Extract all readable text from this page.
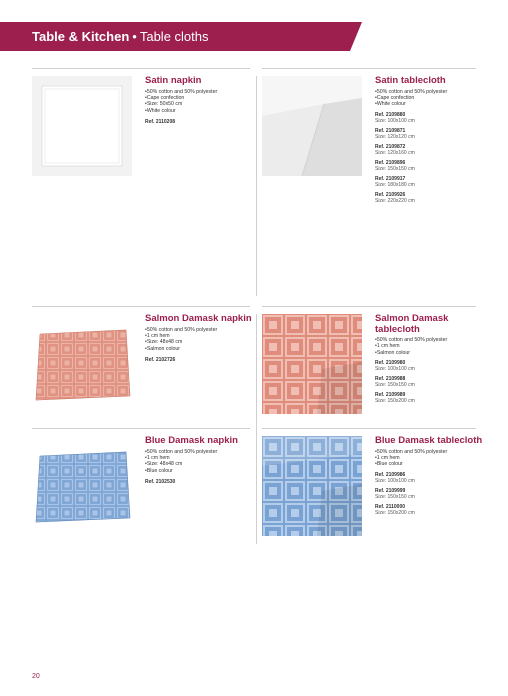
Table & Kitchen • Table cloths
Satin napkin
• 50% cotton and 50% polyester
• Cape confection
• Size: 50x50 cm
• White colour
Ref. 2110208
Satin tablecloth
• 50% cotton and 50% polyester
• Cape confection
• White colour
Ref. 2109880
Size: 100x100 cm
Ref. 2109871
Size: 120x120 cm
Ref. 2109872
Size: 120x160 cm
Ref. 2109896
Size: 150x150 cm
Ref. 2109917
Size: 180x180 cm
Ref. 2109926
Size: 220x220 cm
Salmon Damask napkin
• 50% cotton and 50% polyester
• 1 cm hem
• Size: 48x48 cm
• Salmon colour
Ref. 2102726
Salmon Damask tablecloth
• 50% cotton and 50% polyester
• 1 cm hem
• Salmon colour
Ref. 2109980
Size: 100x100 cm
Ref. 2109988
Size: 150x150 cm
Ref. 2109989
Size: 150x200 cm
Blue Damask napkin
• 50% cotton and 50% polyester
• 1 cm hem
• Size: 48x48 cm
• Blue colour
Ref. 2102530
Blue Damask tablecloth
• 50% cotton and 50% polyester
• 1 cm hem
• Blue colour
Ref. 2109986
Size: 100x100 cm
Ref. 2109999
Size: 150x150 cm
Ref. 2110000
Size: 150x200 cm
20
